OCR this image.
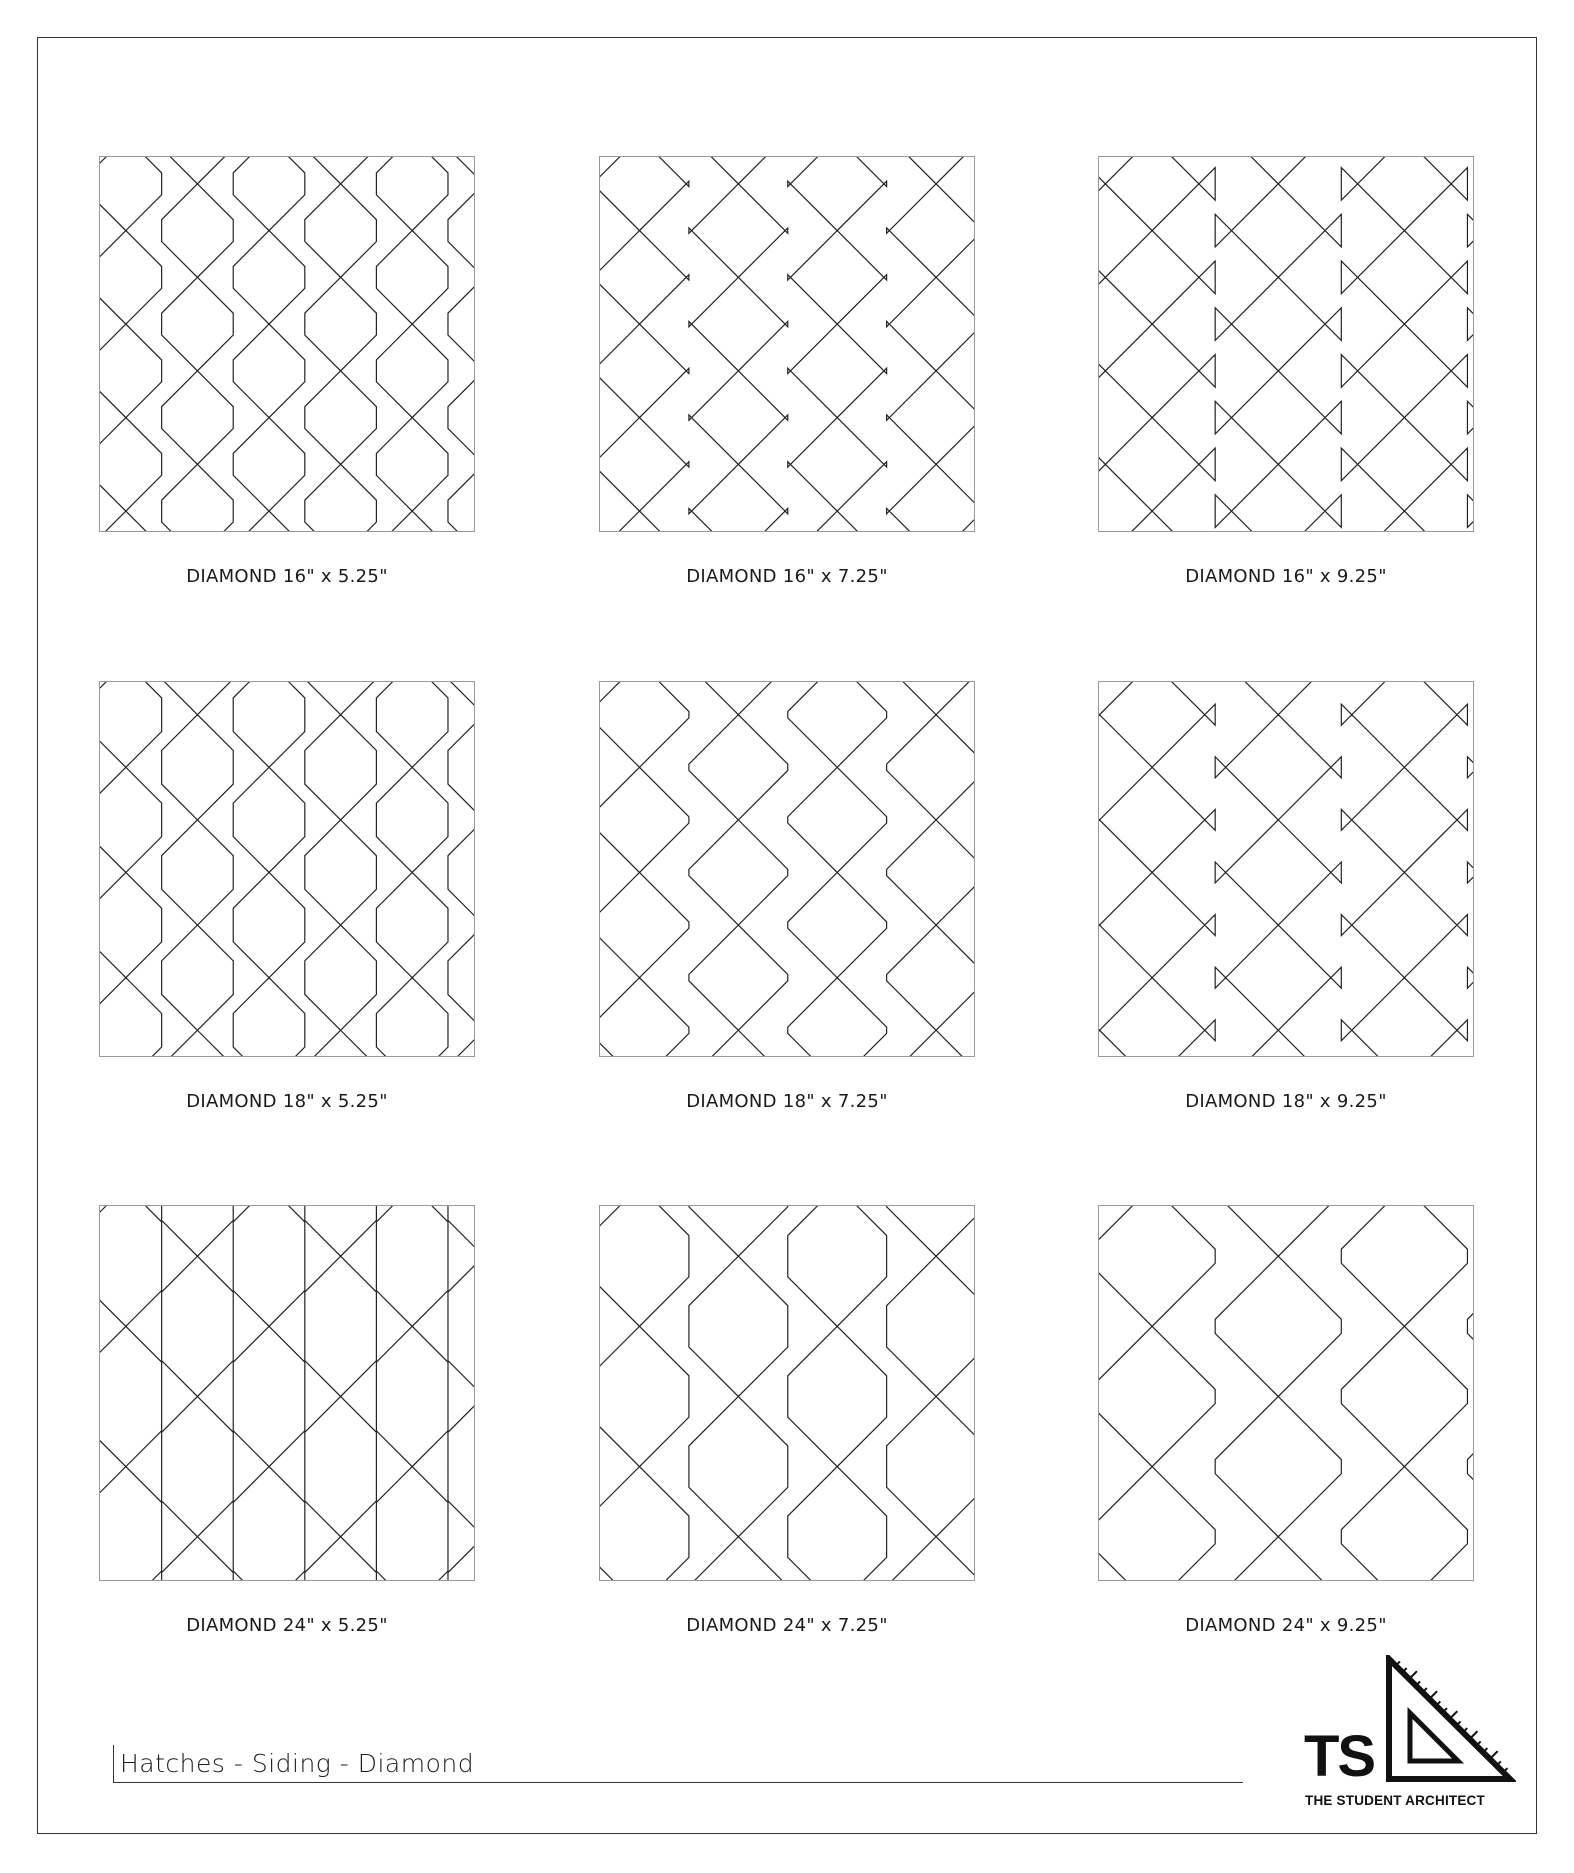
DIAMOND 16" x 5.25"	DIAMOND 16" x 7.25"	DIAMOND 16" x 9.25"
DIAMOND 18" x 5.25"	DIAMOND 18" x 7.25"	DIAMOND 18" x 9.25"
DIAMOND 24" x 5.25"	DIAMOND 24" x 7.25"	DIAMOND 24" x 9.25"
Hatches - Siding - Diamond	TS
THE STUDENT ARCHITECT
